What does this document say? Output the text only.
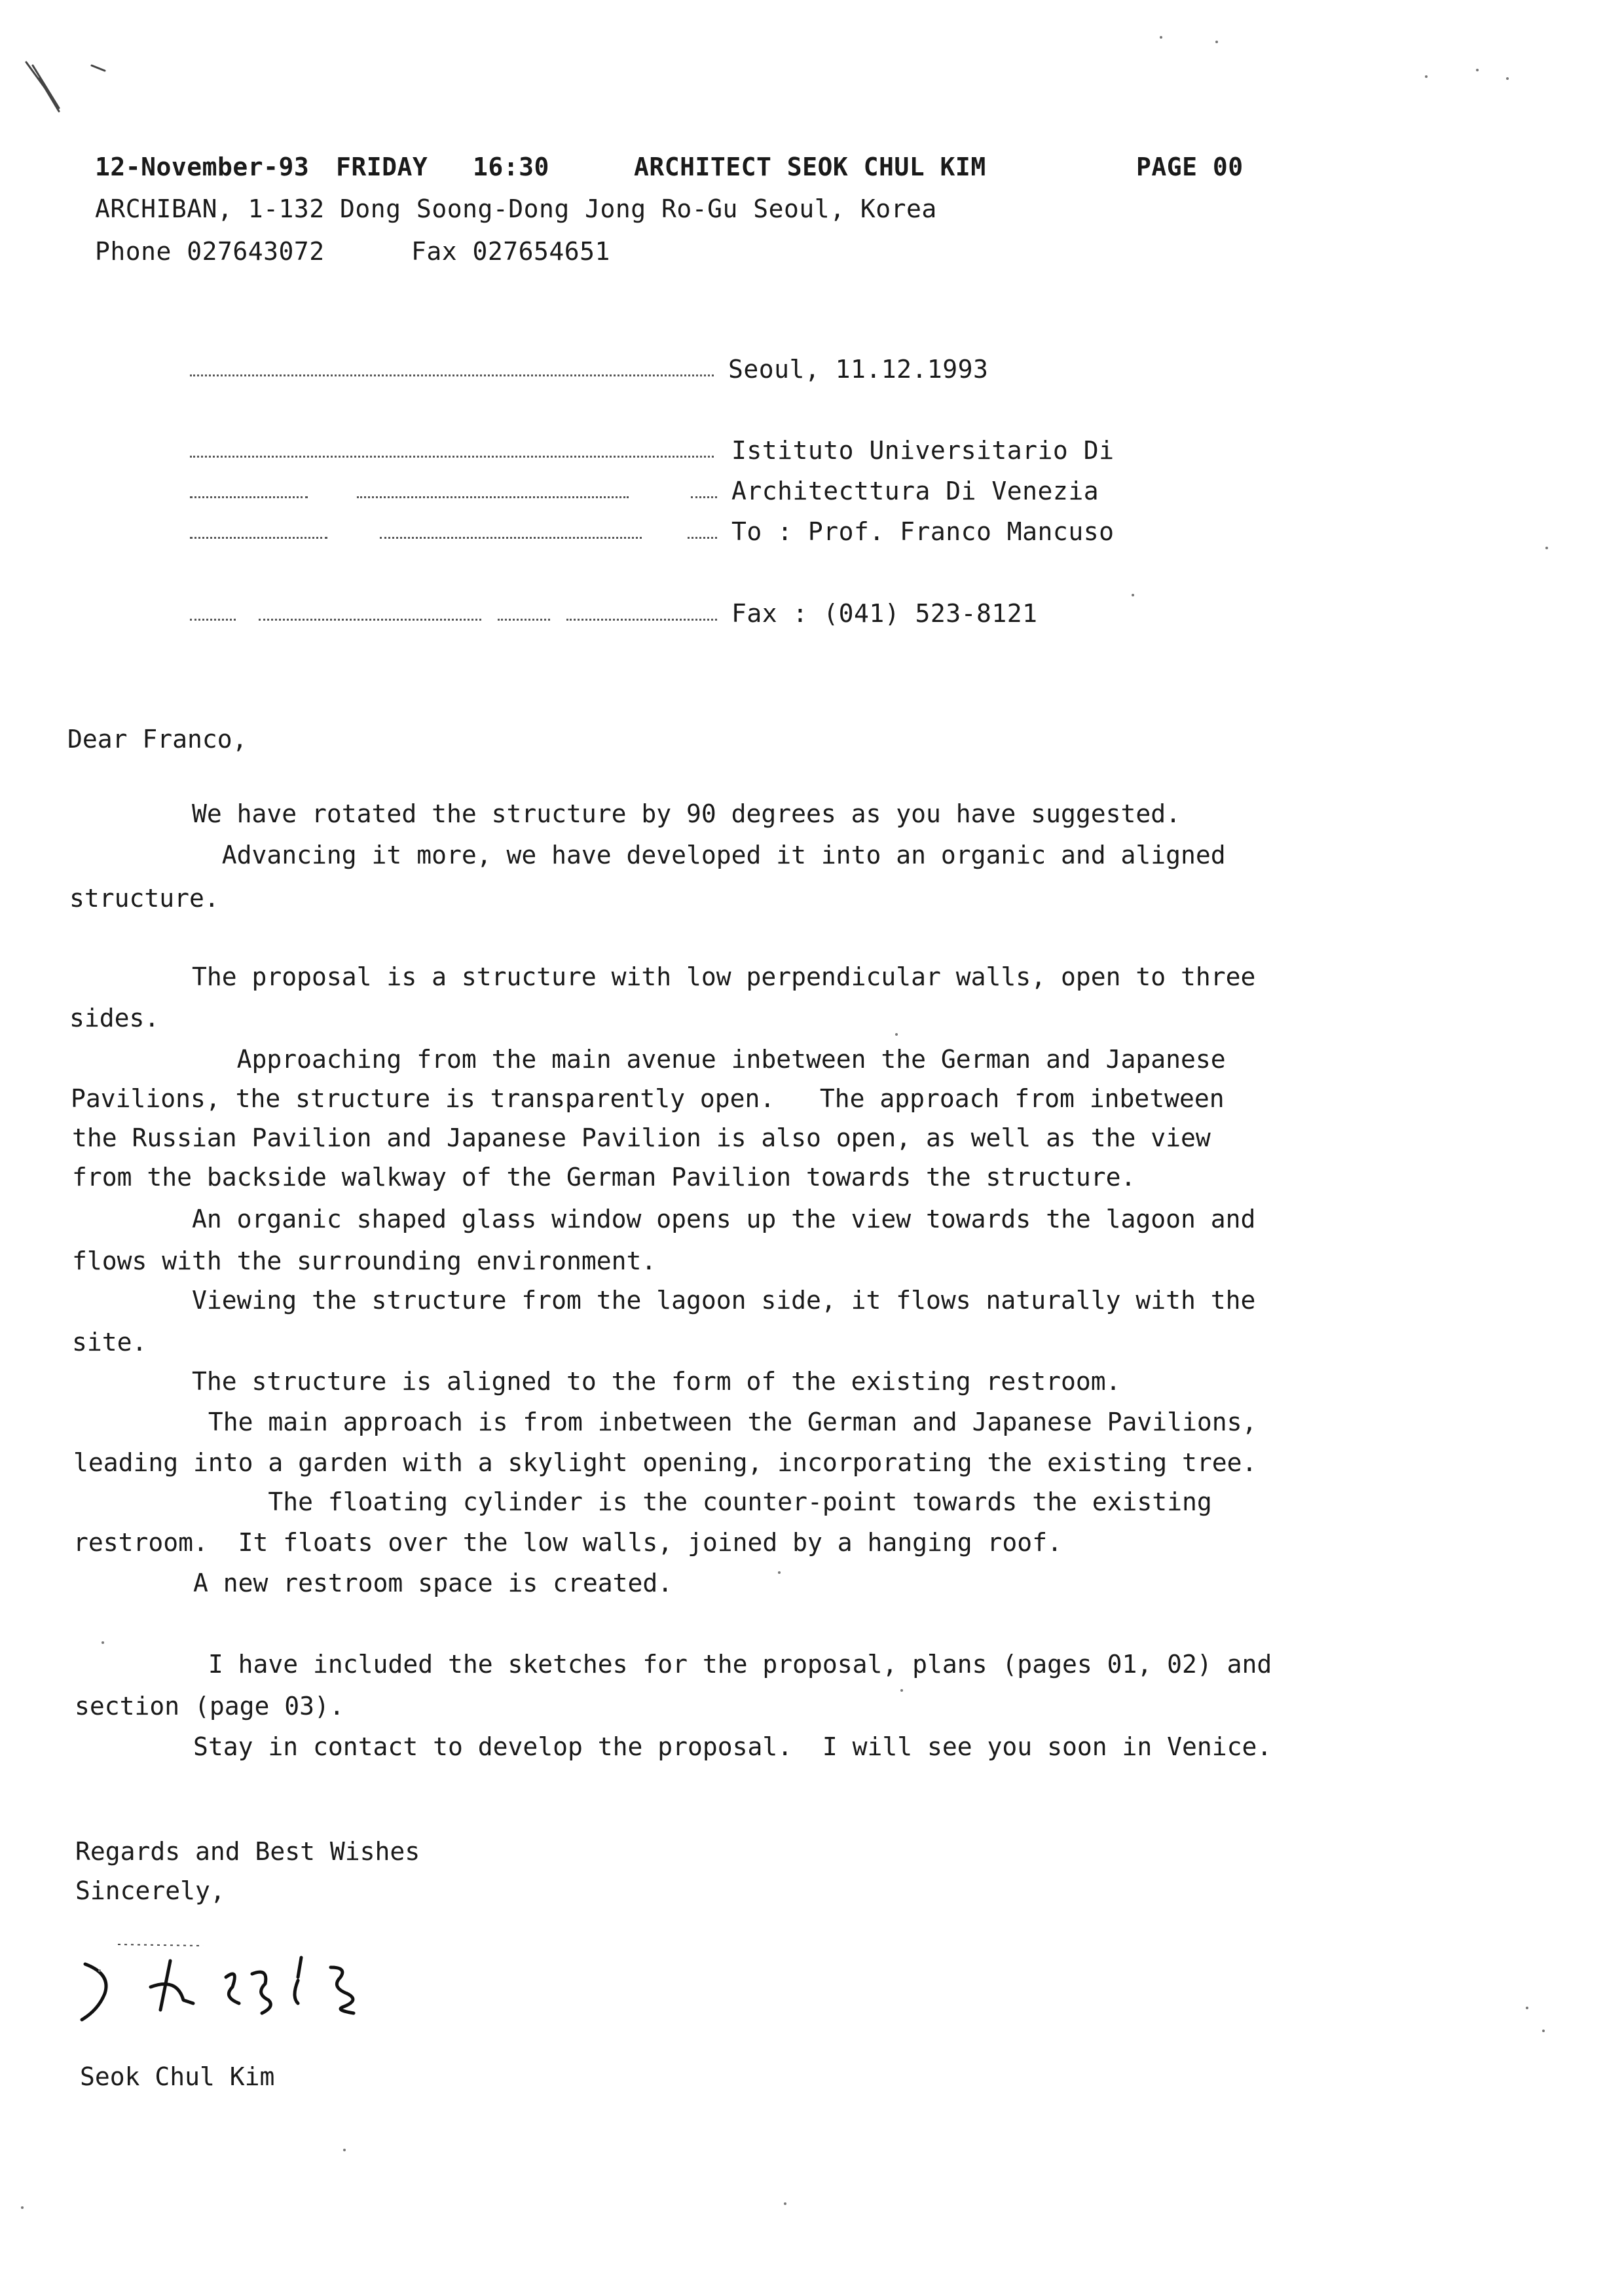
12-November-93 FRIDAY 16:30	ARCHITECT SEOK CHUL KIM	PAGE 00
ARCHIBAN, 1-132 Dong Soong-Dong Jong Ro-Gu Seoul, Korea
Phone 027643072	Fax 027654651
Seoul, 11.12.1993
Istituto Universitario Di
Architecttura Di Venezia
To : Prof. Franco Mancuso
Fax : (041) 523-8121
Dear Franco,
We have rotated the structure by 90 degrees as you have suggested.
Advancing it more, we have developed it into an organic and aligned
structure.
The proposal is a structure with low perpendicular walls, open to three
sides.
Approaching from the main avenue inbetween the German and Japanese
Pavilions, the structure is transparently open.   The approach from inbetween
the Russian Pavilion and Japanese Pavilion is also open, as well as the view
from the backside walkway of the German Pavilion towards the structure.
An organic shaped glass window opens up the view towards the lagoon and
flows with the surrounding environment.
Viewing the structure from the lagoon side, it flows naturally with the
site.
The structure is aligned to the form of the existing restroom.
The main approach is from inbetween the German and Japanese Pavilions,
leading into a garden with a skylight opening, incorporating the existing tree.
The floating cylinder is the counter-point towards the existing
restroom.  It floats over the low walls, joined by a hanging roof.
A new restroom space is created.
I have included the sketches for the proposal, plans (pages 01, 02) and
section (page 03).
Stay in contact to develop the proposal.  I will see you soon in Venice.
Regards and Best Wishes
Sincerely,
Seok Chul Kim
